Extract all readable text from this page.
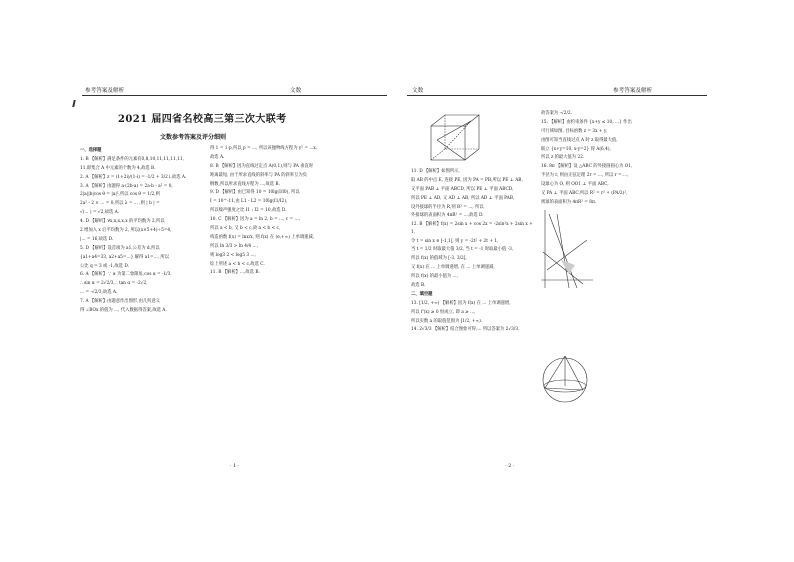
参考答案及解析	文数
2021 届四省名校高三第三次大联考
文数参考答案及评分细则

一、选择题

1. B 【解析】满足条件的元素有0,8,10,11,11,11,11,

11,即集合 A 中元素的个数为 4,故选 B.

2. A 【解析】z = (1+2i)/(1-i) = -1/2 + 3/2 i,故选 A.

3. A 【解析】由题得 a·(2b-a) = 2a·b - a² = 0,

2|a||b|cos θ = |a|²,所以 cos θ = 1/2,则

2a² - 2 × ... = 0,所以 λ = ... ,则 | b | =

√(... ) = √2,故选 A.

4. D 【解析】∀x,x,x,x,x 的平均数为 2,所以

2 增加入 x 后平均数为 2, 所以(x×5+4)÷5=4,

|... = 16,故选 D.

5. D 【解析】设首项为 a1,公差为 d,所以

{a1+a4=33, a2+a5=...} 解得 a1=..., 所以

公比 q = 3 或 -1,故选 D.

6. A 【解析】∵ α 为第二象限角,cos α = -1/3,

∴ sin α = 2√2/3,∴ tan α = -2√2,

... = -√2/3,故选 A.

7. A 【解析】由题意作出图形,由几何意义

得 ∠BOx 的值为 ..., 代入数据得答案,故选 A.

得 1 = 1·p,所以 p = ..., 所以该抛物线方程为 y² = ...x,

故选 A.

8. B 【解析】因为直线过定点 A(0,1),则与 PA 垂直时

距离最短, 由于所求直线的斜率与 PA 的斜率互为负

倒数,所以所求直线方程为 ...,故选 B.

9. D 【解析】由已知得 10 = 10lg(I/I0), 所以

I = 10^-11,由 L1 - L2 = 10lg(I1/I2),

所以噪声强度之比 I1 : I2 = 10,故选 D.

10. C 【解析】因为 a = ln 2, b = ..., c = ...,

所以 a < b, 又 b < c,故 a < b < c,

构造函数 f(x) = lnx/x, 则 f(x) 在 (e,+∞) 上单调递减,

所以 ln 3/3 > ln 4/4 ...,

则 log3 2 < log5 3 ...,

综上所述 a < b < c,故选 C.

11. B 【解析】...,故选 B.

· 1 ·
文数	参考答案及解析

11. D 【解析】如图所示,

取 AB 的中点 E, 连接 PE, 因为 PA = PB,所以 PE ⊥ AB,

又平面 PAB ⊥ 平面 ABCD, 所以 PE ⊥ 平面 ABCD,

所以 PE ⊥ AD, 又 AD ⊥ AB, 所以 AD ⊥ 平面 PAB,

设外接球的半径为 R,则 R² = ..., 所以

外接球的表面积为 4πR² = ...,故选 D.

12. B 【解析】f(x) = 2sin x + cos 2x = -2sin²x + 2sin x + 1,

令 t = sin x ∈ [-1,1], 则 y = -2t² + 2t + 1,

当 t = 1/2 时取最大值 3/2, 当 t = -1 时取最小值 -3,

所以 f(x) 的值域为 [-3, 3/2],

又 f(x) 在 ... 上单调递增, 在 ... 上单调递减,

所以 f(x) 的最小值为 ...,

故选 B.

二、填空题

13. [1/2, +∞) 【解析】因为 f(x) 在 ... 上单调递增,

所以 f'(x) ≥ 0 恒成立, 即 a ≥ ...,

所以实数 a 的取值范围为 [1/2, +∞).

14. 2√3/3 【解析】结合图象可得,... 所以答案为 2√3/3.

故答案为 -√2/2.

15. 【解析】由约束条件 {x+y ≤ 10, ...} 作出

可行域如图, 目标函数 z = 3x + y,

由图可知当直线过点 A 时 z 取得最大值,

联立 {x+y=10, x-y=2} 得 A(6,4),

所以 z 的最大值为 22.

16. 8π 【解析】设 △ABC 的外接圆圆心为 O1,

半径为 r, 则由正弦定理 2r = ..., 所以 r = ...,

设球心为 O, 则 OO1 ⊥ 平面 ABC,

又 PA ⊥ 平面 ABC,所以 R² = r² + (PA/2)²,

则球的表面积为 4πR² = 8π.

· 2 ·
